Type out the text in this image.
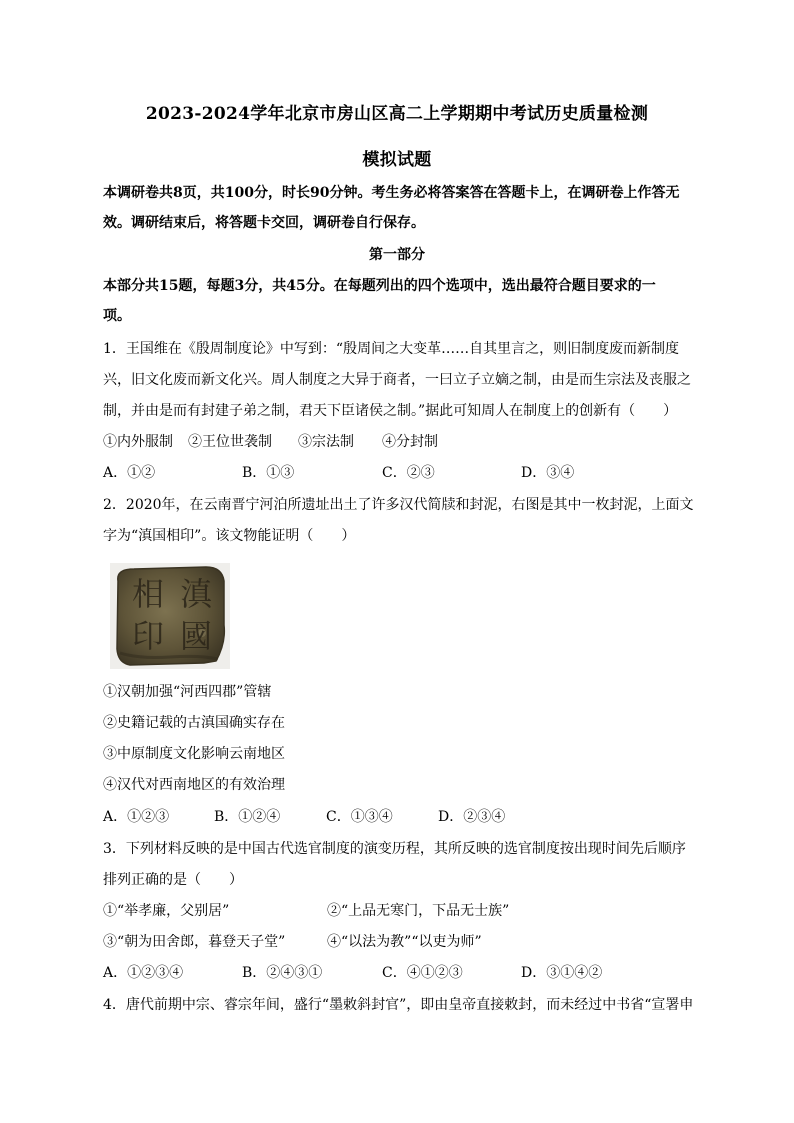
2023-2024学年北京市房山区高二上学期期中考试历史质量检测
模拟试题
本调研卷共8页，共100分，时长90分钟。考生务必将答案答在答题卡上，在调研卷上作答无
效。调研结束后，将答题卡交回，调研卷自行保存。
第一部分
本部分共15题，每题3分，共45分。在每题列出的四个选项中，选出最符合题目要求的一
项。
1．王国维在《殷周制度论》中写到：“殷周间之大变革……自其里言之，则旧制度废而新制度
兴，旧文化废而新文化兴。周人制度之大异于商者，一曰立子立嫡之制，由是而生宗法及丧服之
制，并由是而有封建子弟之制，君天下臣诸侯之制。”据此可知周人在制度上的创新有（　　）
①内外服制 ②王位世袭制 ③宗法制 ④分封制
A．①②	B．①③	C．②③	D．③④
2．2020年，在云南晋宁河泊所遗址出土了许多汉代简牍和封泥，右图是其中一枚封泥，上面文
字为“滇国相印”。该文物能证明（　　）
滇
國
相
印
①汉朝加强“河西四郡”管辖
②史籍记载的古滇国确实存在
③中原制度文化影响云南地区
④汉代对西南地区的有效治理
A．①②③	B．①②④	C．①③④	D．②③④
3．下列材料反映的是中国古代选官制度的演变历程，其所反映的选官制度按出现时间先后顺序
排列正确的是（　　）
①“举孝廉，父别居”	②“上品无寒门，下品无士族”
③“朝为田舍郎，暮登天子堂”	④“以法为教”“以吏为师”
A．①②③④	B．②④③①	C．④①②③	D．③①④②
4．唐代前期中宗、睿宗年间，盛行“墨敕斜封官”，即由皇帝直接敕封，而未经过中书省“宣署申
